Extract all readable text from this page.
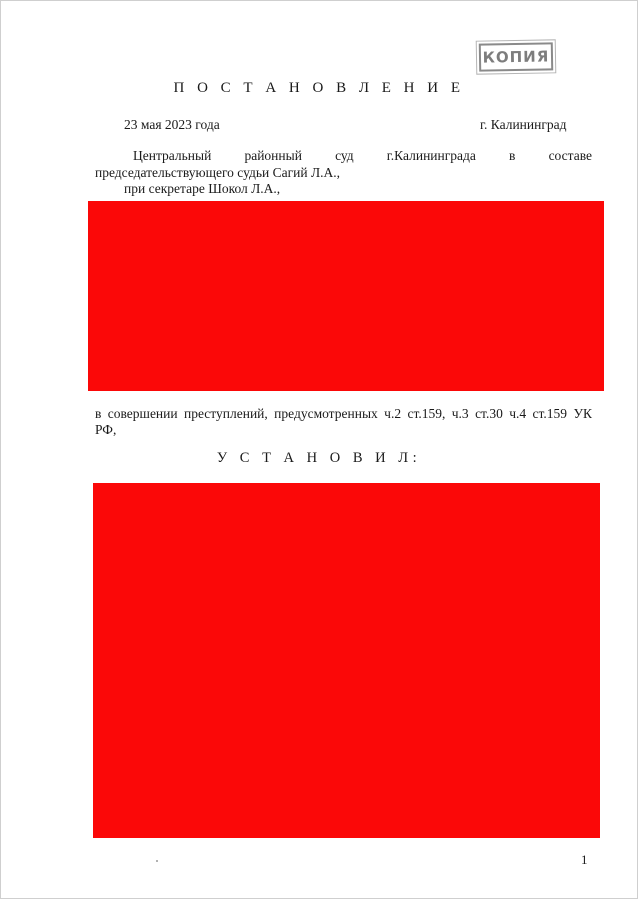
КОПИЯ
П О С Т А Н О В Л Е Н И Е
23 мая 2023 года	г. Калининград
Центральный районный суд г.Калининграда в составе
председательствующего судьи Сагий Л.А.,
при секретаре Шокол Л.А.,
в совершении преступлений, предусмотренных ч.2 ст.159, ч.3 ст.30 ч.4 ст.159 УК
РФ,
У С Т А Н О В И Л:
1
